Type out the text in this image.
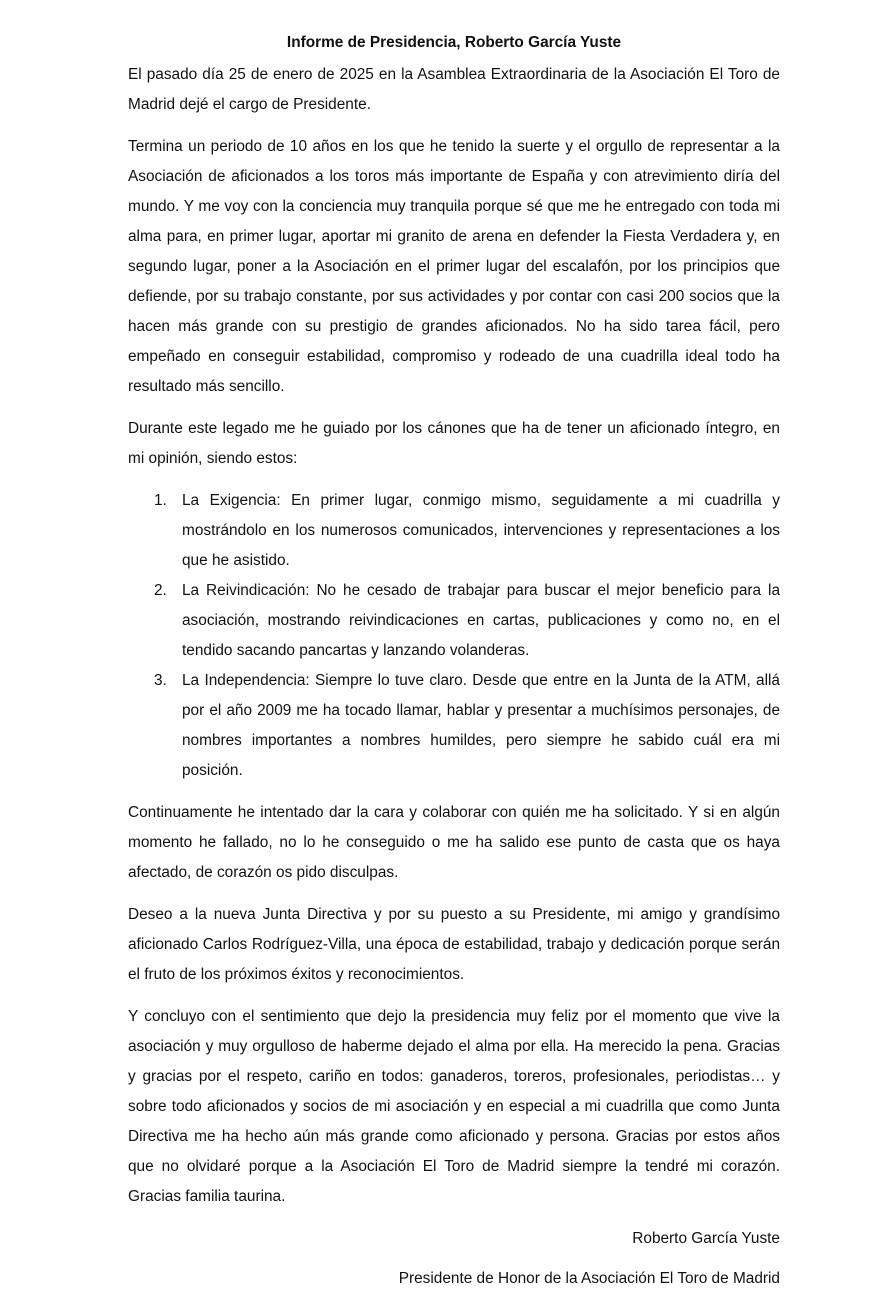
Informe de Presidencia, Roberto García Yuste

El pasado día 25 de enero de 2025 en la Asamblea Extraordinaria de la Asociación El Toro de Madrid dejé el cargo de Presidente.

Termina un periodo de 10 años en los que he tenido la suerte y el orgullo de representar a la Asociación de aficionados a los toros más importante de España y con atrevimiento diría del mundo. Y me voy con la conciencia muy tranquila porque sé que me he entregado con toda mi alma para, en primer lugar, aportar mi granito de arena en defender la Fiesta Verdadera y, en segundo lugar, poner a la Asociación en el primer lugar del escalafón, por los principios que defiende, por su trabajo constante, por sus actividades y por contar con casi 200 socios que la hacen más grande con su prestigio de grandes aficionados. No ha sido tarea fácil, pero empeñado en conseguir estabilidad, compromiso y rodeado de una cuadrilla ideal todo ha resultado más sencillo.

Durante este legado me he guiado por los cánones que ha de tener un aficionado íntegro, en mi opinión, siendo estos:

1. La Exigencia: En primer lugar, conmigo mismo, seguidamente a mi cuadrilla y mostrándolo en los numerosos comunicados, intervenciones y representaciones a los que he asistido.
2. La Reivindicación: No he cesado de trabajar para buscar el mejor beneficio para la asociación, mostrando reivindicaciones en cartas, publicaciones y como no, en el tendido sacando pancartas y lanzando volanderas.
3. La Independencia: Siempre lo tuve claro. Desde que entre en la Junta de la ATM, allá por el año 2009 me ha tocado llamar, hablar y presentar a muchísimos personajes, de nombres importantes a nombres humildes, pero siempre he sabido cuál era mi posición.

Continuamente he intentado dar la cara y colaborar con quién me ha solicitado. Y si en algún momento he fallado, no lo he conseguido o me ha salido ese punto de casta que os haya afectado, de corazón os pido disculpas.

Deseo a la nueva Junta Directiva y por su puesto a su Presidente, mi amigo y grandísimo aficionado Carlos Rodríguez-Villa, una época de estabilidad, trabajo y dedicación porque serán el fruto de los próximos éxitos y reconocimientos.

Y concluyo con el sentimiento que dejo la presidencia muy feliz por el momento que vive la asociación y muy orgulloso de haberme dejado el alma por ella. Ha merecido la pena. Gracias y gracias por el respeto, cariño en todos: ganaderos, toreros, profesionales, periodistas… y sobre todo aficionados y socios de mi asociación y en especial a mi cuadrilla que como Junta Directiva me ha hecho aún más grande como aficionado y persona. Gracias por estos años que no olvidaré porque a la Asociación El Toro de Madrid siempre la tendré mi corazón. Gracias familia taurina.

Roberto García Yuste
Presidente de Honor de la Asociación El Toro de Madrid
